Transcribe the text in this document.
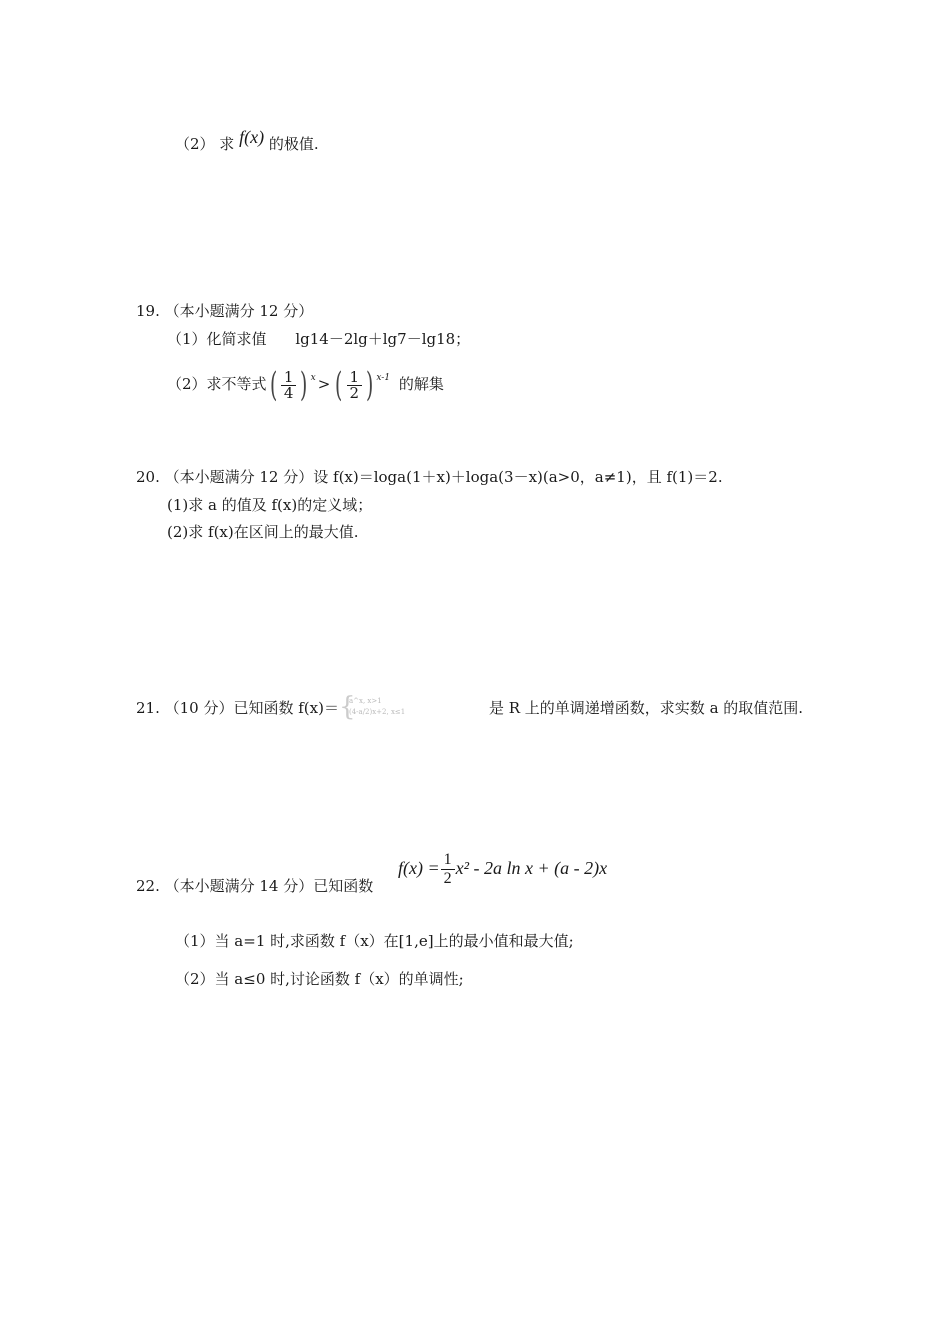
（2） 求 f(x) 的极值.
19. （本小题满分 12 分）
（1）化简求值 lg14－2lg＋lg7－lg18；
（2）求不等式( $\frac{1}{4}$ ) $^x$ > ( $\frac{1}{2}$ ) $^{x-1}$ 的解集
20. （本小题满分 12 分）设 f(x)＝loga(1＋x)＋loga(3－x)(a>0，a≠1)，且 f(1)＝2.
(1)求 a 的值及 f(x)的定义域；
(2)求 f(x)在区间上的最大值.
21. （10 分）已知函数 f(x)＝ {
a^x, x>1
(4-a/2)x+2, x≤1	是 R 上的单调递增函数，求实数 a 的取值范围.
$f(x) = \frac{1}{2} x^2 - 2a$ ln x + (a - 2)x
22. （本小题满分 14 分）已知函数
（1）当 a=1 时,求函数 f（x）在[1,e]上的最小值和最大值;
（2）当 a≤0 时,讨论函数 f（x）的单调性;
